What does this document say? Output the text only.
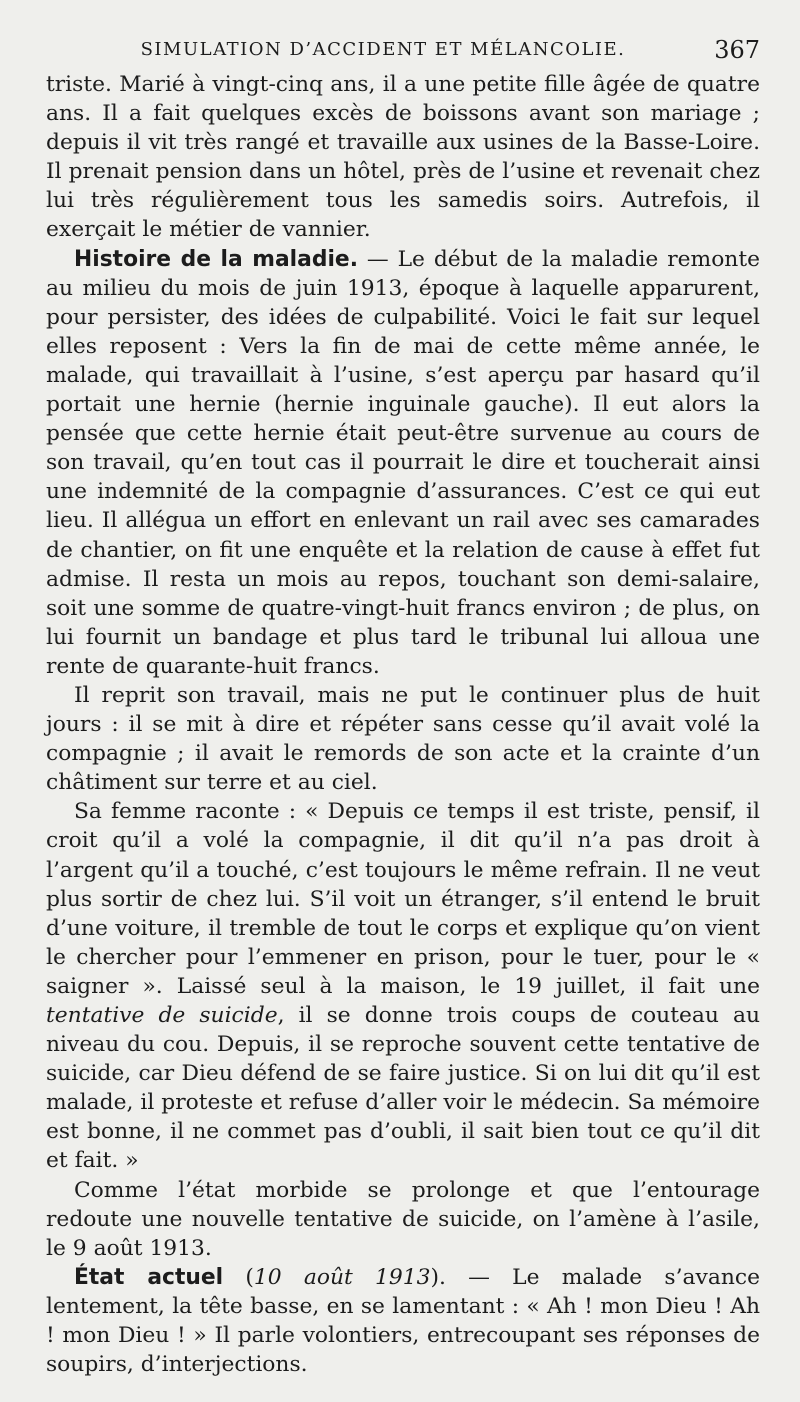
SIMULATION D’ACCIDENT ET MÉLANCOLIE.	367

triste. Marié à vingt-cinq ans, il a une petite fille âgée de quatre ans. Il a fait quelques excès de boissons avant son mariage ; depuis il vit très rangé et travaille aux usines de la Basse-Loire. Il prenait pension dans un hôtel, près de l’usine et revenait chez lui très régulièrement tous les samedis soirs. Autrefois, il exerçait le métier de vannier.

Histoire de la maladie. — Le début de la maladie remonte au milieu du mois de juin 1913, époque à laquelle apparurent, pour persister, des idées de culpabilité. Voici le fait sur lequel elles reposent : Vers la fin de mai de cette même année, le malade, qui travaillait à l’usine, s’est aperçu par hasard qu’il portait une hernie (hernie inguinale gauche). Il eut alors la pensée que cette hernie était peut-être survenue au cours de son travail, qu’en tout cas il pourrait le dire et toucherait ainsi une indemnité de la compagnie d’assurances. C’est ce qui eut lieu. Il allégua un effort en enlevant un rail avec ses camarades de chantier, on fit une enquête et la relation de cause à effet fut admise. Il resta un mois au repos, touchant son demi-salaire, soit une somme de quatre-vingt-huit francs environ ; de plus, on lui fournit un bandage et plus tard le tribunal lui alloua une rente de quarante-huit francs.

Il reprit son travail, mais ne put le continuer plus de huit jours : il se mit à dire et répéter sans cesse qu’il avait volé la compagnie ; il avait le remords de son acte et la crainte d’un châtiment sur terre et au ciel.

Sa femme raconte : « Depuis ce temps il est triste, pensif, il croit qu’il a volé la compagnie, il dit qu’il n’a pas droit à l’argent qu’il a touché, c’est toujours le même refrain. Il ne veut plus sortir de chez lui. S’il voit un étranger, s’il entend le bruit d’une voiture, il tremble de tout le corps et explique qu’on vient le chercher pour l’emmener en prison, pour le tuer, pour le « saigner ». Laissé seul à la maison, le 19 juillet, il fait une tentative de suicide, il se donne trois coups de couteau au niveau du cou. Depuis, il se reproche souvent cette tentative de suicide, car Dieu défend de se faire justice. Si on lui dit qu’il est malade, il proteste et refuse d’aller voir le médecin. Sa mémoire est bonne, il ne commet pas d’oubli, il sait bien tout ce qu’il dit et fait. »

Comme l’état morbide se prolonge et que l’entourage redoute une nouvelle tentative de suicide, on l’amène à l’asile, le 9 août 1913.

État actuel (10 août 1913). — Le malade s’avance lentement, la tête basse, en se lamentant : « Ah ! mon Dieu ! Ah ! mon Dieu ! » Il parle volontiers, entrecoupant ses réponses de soupirs, d’interjections.
